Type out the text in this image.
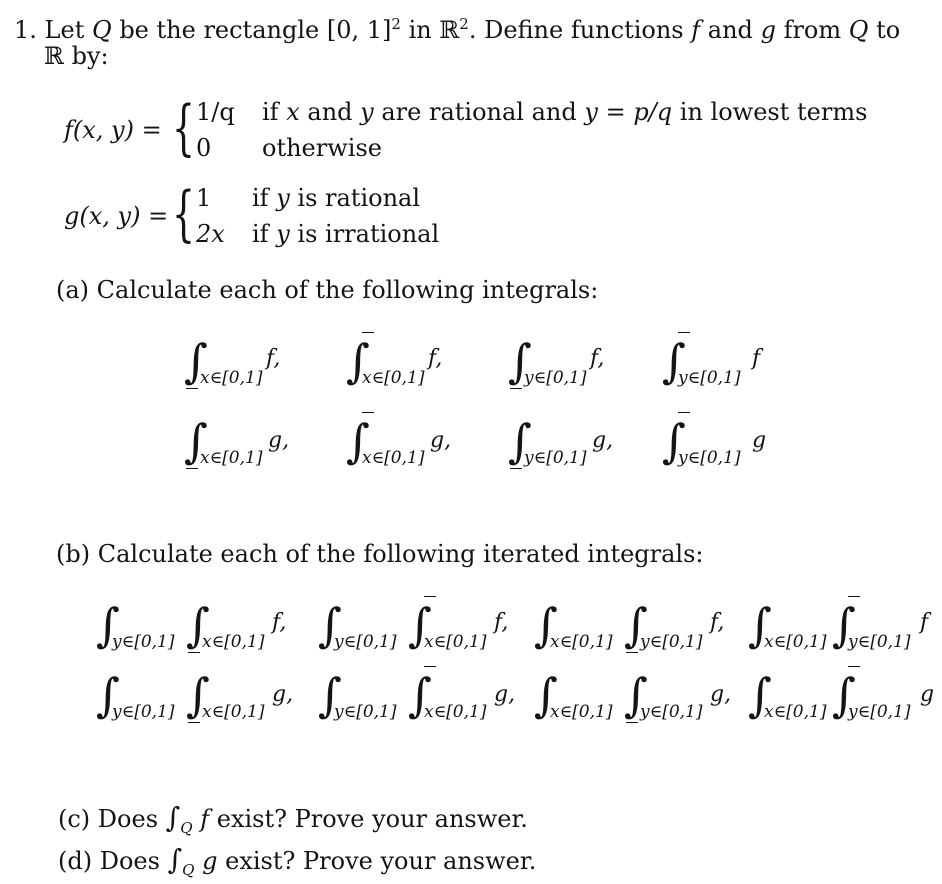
1. Let Q be the rectangle [0, 1]$^2$ in ℝ$^2$. Define functions f and g from Q to
ℝ by:
f(x, y) = { 1/q if x and y are rational and y = p/q in lowest terms
0 otherwise
g(x, y) = { 1 if y is rational
2x if y is irrational
(a) Calculate each of the following integrals:
∫
x∈[0,1]
f, ∫
x∈[0,1]
f, ∫
y∈[0,1]
f, ∫
y∈[0,1]
f
∫
x∈[0,1]
g, ∫
x∈[0,1]
g, ∫
y∈[0,1]
g, ∫
y∈[0,1]
g
(b) Calculate each of the following iterated integrals:
∫
y∈[0,1] ∫
x∈[0,1]
f, ∫
y∈[0,1] ∫
x∈[0,1]
f, ∫
x∈[0,1] ∫
y∈[0,1]
f, ∫
x∈[0,1] ∫
y∈[0,1]
f
∫
y∈[0,1] ∫
x∈[0,1]
g, ∫
y∈[0,1] ∫
x∈[0,1]
g, ∫
x∈[0,1] ∫
y∈[0,1]
g, ∫
x∈[0,1] ∫
y∈[0,1]
g
(c) Does $\int_Q$ f exist? Prove your answer.
(d) Does $\int_Q$ g exist? Prove your answer.
